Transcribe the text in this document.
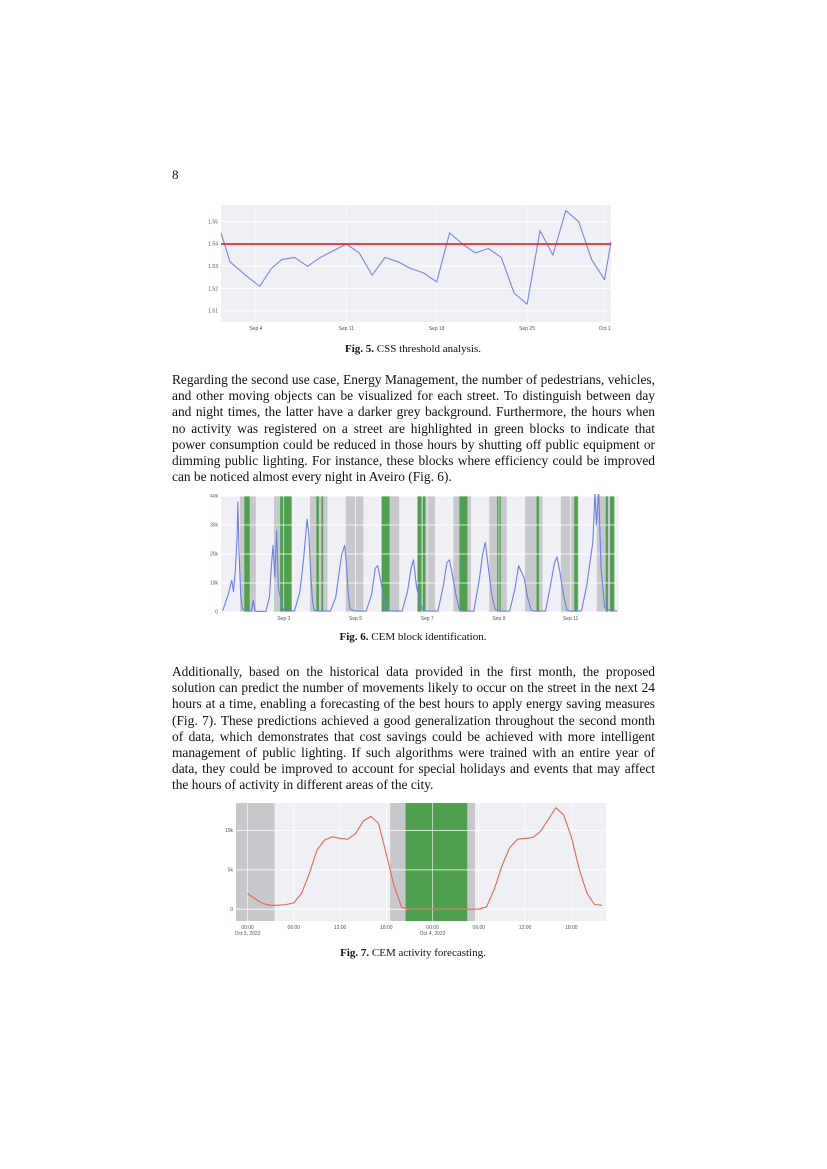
8
1.55
1.54
1.53
1.52
1.51
Sep 4	Sep 11	Sep 18	Sep 25	Oct 1
Fig. 5. CSS threshold analysis.

Regarding the second use case, Energy Management, the number of pedestrians, vehicles, and other moving objects can be visualized for each street. To distinguish between day and night times, the latter have a darker grey background. Furthermore, the hours when no activity was registered on a street are highlighted in green blocks to indicate that power consumption could be reduced in those hours by shutting off public equipment or dimming public lighting. For instance, these blocks where efficiency could be improved can be noticed almost every night in Aveiro (Fig. 6).

40k
30k
20k
10k
0
Sep 3	Sep 5	Sep 7	Sep 9	Sep 11
Fig. 6. CEM block identification.

Additionally, based on the historical data provided in the first month, the proposed solution can predict the number of movements likely to occur on the street in the next 24 hours at a time, enabling a forecasting of the best hours to apply energy saving measures (Fig. 7). These predictions achieved a good generalization throughout the second month of data, which demonstrates that cost savings could be achieved with more intelligent management of public lighting. If such algorithms were trained with an entire year of data, they could be improved to account for special holidays and events that may affect the hours of activity in different areas of the city.

10k
5k
0
00:00	06:00	12:00	18:00	00:00	06:00	12:00	18:00
Oct 3, 2022	Oct 4, 2022
Fig. 7. CEM activity forecasting.
